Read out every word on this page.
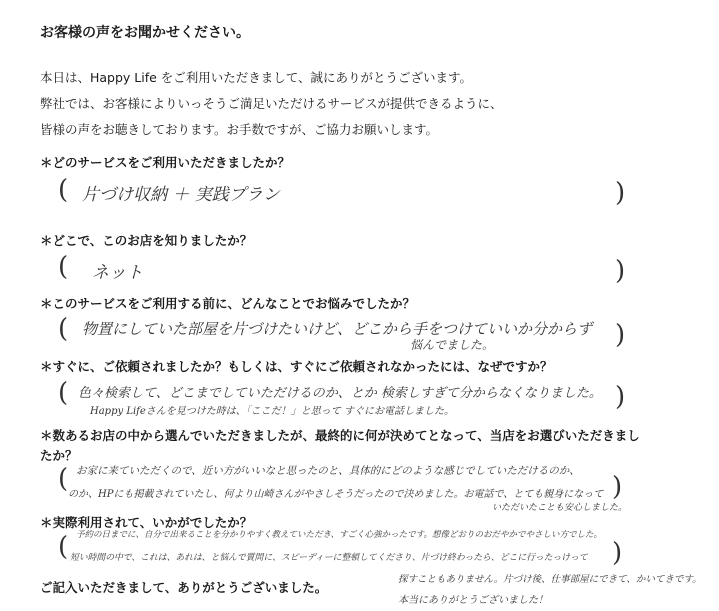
お客様の声をお聞かせください。
本日は、Happy Life をご利用いただきまして、誠にありがとうございます。
弊社では、お客様によりいっそうご満足いただけるサービスが提供できるように、
皆様の声をお聴きしております。お手数ですが、ご協力お願いします。
＊どのサービスをご利用いただきましたか？
( 片づけ収納 ＋ 実践プラン	)
＊どこで、このお店を知りましたか？
( ネット	)
＊このサービスをご利用する前に、どんなことでお悩みでしたか？
( 物置にしていた部屋を片づけたいけど、どこから手をつけていいか分からず
悩んでました。	)
＊すぐに、ご依頼されましたか？もしくは、すぐにご依頼されなかったには、なぜですか？
( 色々検索して、どこまでしていただけるのか、とか 検索しすぎて分からなくなりました。
Happy Lifeさんを見つけた時は、「ここだ！」と思って すぐにお電話しました。	)
＊数あるお店の中から選んでいただきましたが、最終的に何が決めてとなって、当店をお選びいただきまし
たか？
( お家に来ていただくので、近い方がいいなと思ったのと、具体的にどのような感じでしていただけるのか、
のか、HPにも掲載されていたし、何より山崎さんがやさしそうだったので決めました。お電話で、とても親身になって
いただいたことも安心しました。
)
＊実際利用されて、いかがでしたか？
( 予約の日までに、自分で出来ることを分かりやすく教えていただき、すごく心強かったです。想像どおりのおだやかでやさしい方でした。
短い時間の中で、これは、あれは、と悩んで質問に、スピーディーに整頓してくださり、片づけ終わったら、どこに行ったっけって
探すこともありません。片づけ後、仕事部屋にできて、かいてきです。
本当にありがとうございました！
)
ご記入いただきまして、ありがとうございました。
